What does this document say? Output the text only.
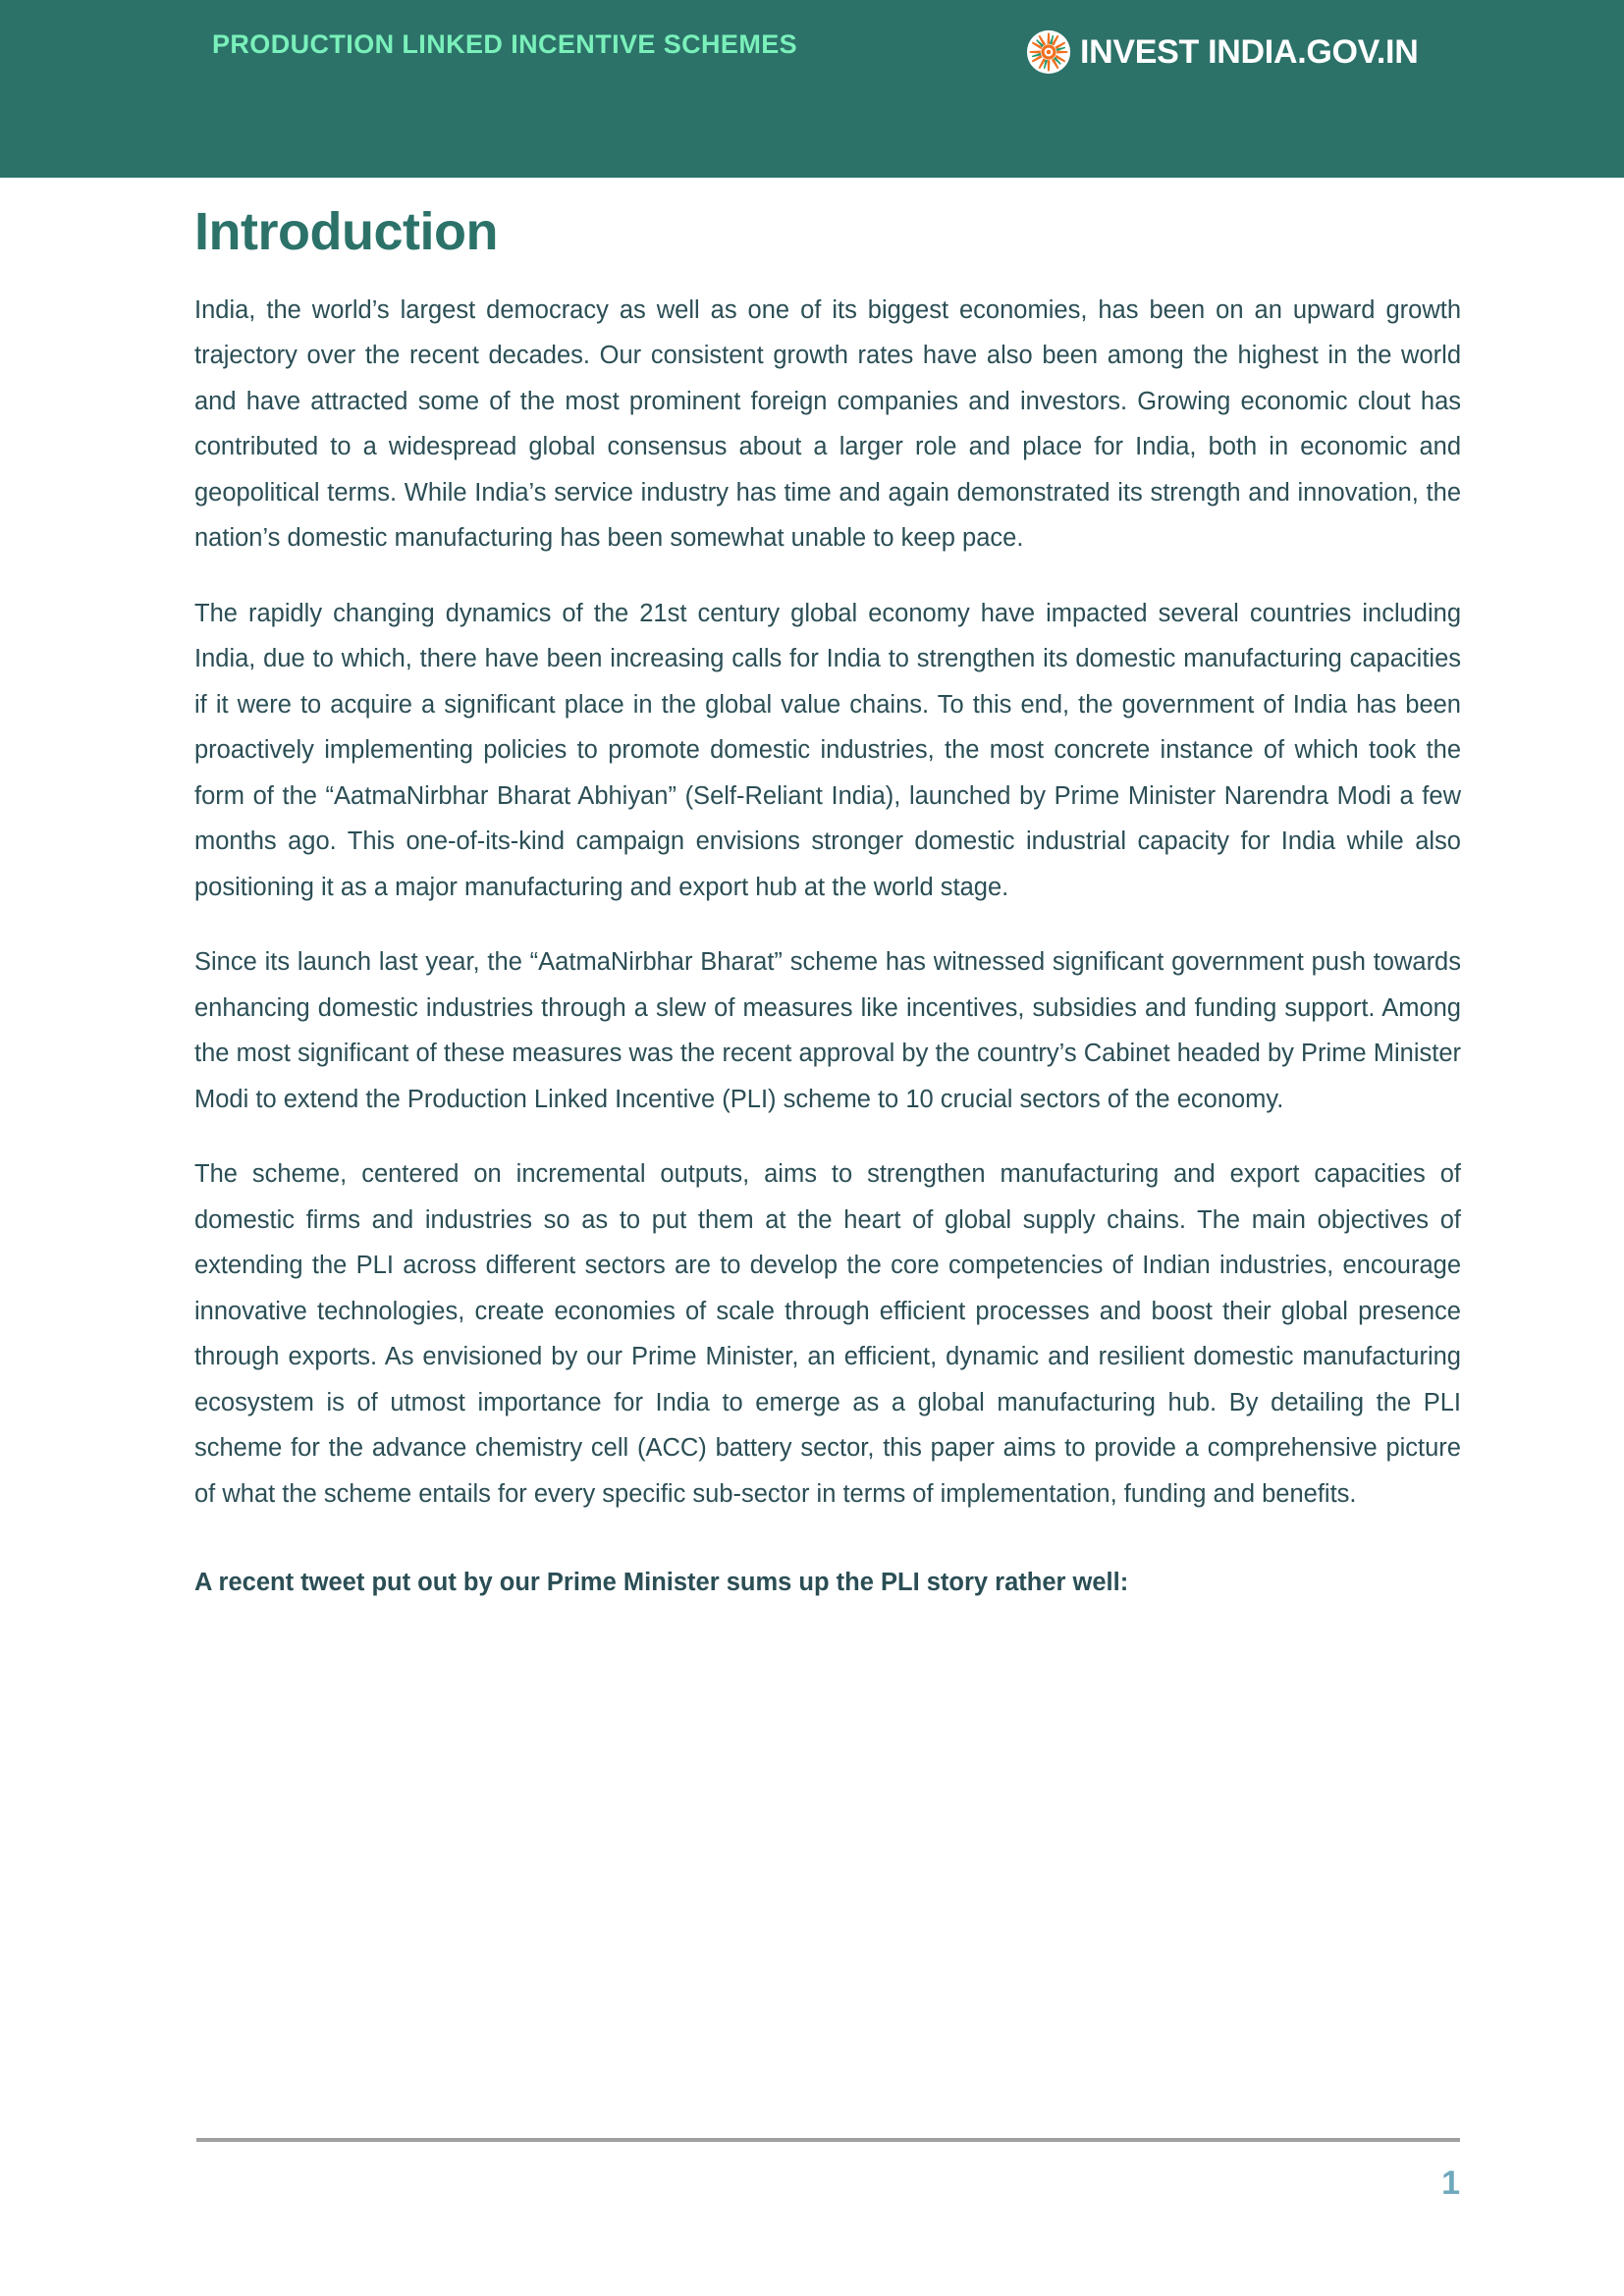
PRODUCTION LINKED INCENTIVE SCHEMES	INVEST INDIA.GOV.IN
Introduction

India, the world’s largest democracy as well as one of its biggest economies, has been on an upward growth trajectory over the recent decades. Our consistent growth rates have also been among the highest in the world and have attracted some of the most prominent foreign companies and investors. Growing economic clout has contributed to a widespread global consensus about a larger role and place for India, both in economic and geopolitical terms. While India’s service industry has time and again demonstrated its strength and innovation, the nation’s domestic manufacturing has been somewhat unable to keep pace.

The rapidly changing dynamics of the 21st century global economy have impacted several countries including India, due to which, there have been increasing calls for India to strengthen its domestic manufacturing capacities if it were to acquire a significant place in the global value chains. To this end, the government of India has been proactively implementing policies to promote domestic industries, the most concrete instance of which took the form of the “AatmaNirbhar Bharat Abhiyan” (Self-Reliant India), launched by Prime Minister Narendra Modi a few months ago. This one-of-its-kind campaign envisions stronger domestic industrial capacity for India while also positioning it as a major manufacturing and export hub at the world stage.

Since its launch last year, the “AatmaNirbhar Bharat” scheme has witnessed significant government push towards enhancing domestic industries through a slew of measures like incentives, subsidies and funding support. Among the most significant of these measures was the recent approval by the country’s Cabinet headed by Prime Minister Modi to extend the Production Linked Incentive (PLI) scheme to 10 crucial sectors of the economy.

The scheme, centered on incremental outputs, aims to strengthen manufacturing and export capacities of domestic firms and industries so as to put them at the heart of global supply chains. The main objectives of extending the PLI across different sectors are to develop the core competencies of Indian industries, encourage innovative technologies, create economies of scale through efficient processes and boost their global presence through exports. As envisioned by our Prime Minister, an efficient, dynamic and resilient domestic manufacturing ecosystem is of utmost importance for India to emerge as a global manufacturing hub. By detailing the PLI scheme for the advance chemistry cell (ACC) battery sector, this paper aims to provide a comprehensive picture of what the scheme entails for every specific sub-sector in terms of implementation, funding and benefits.

A recent tweet put out by our Prime Minister sums up the PLI story rather well:

1
